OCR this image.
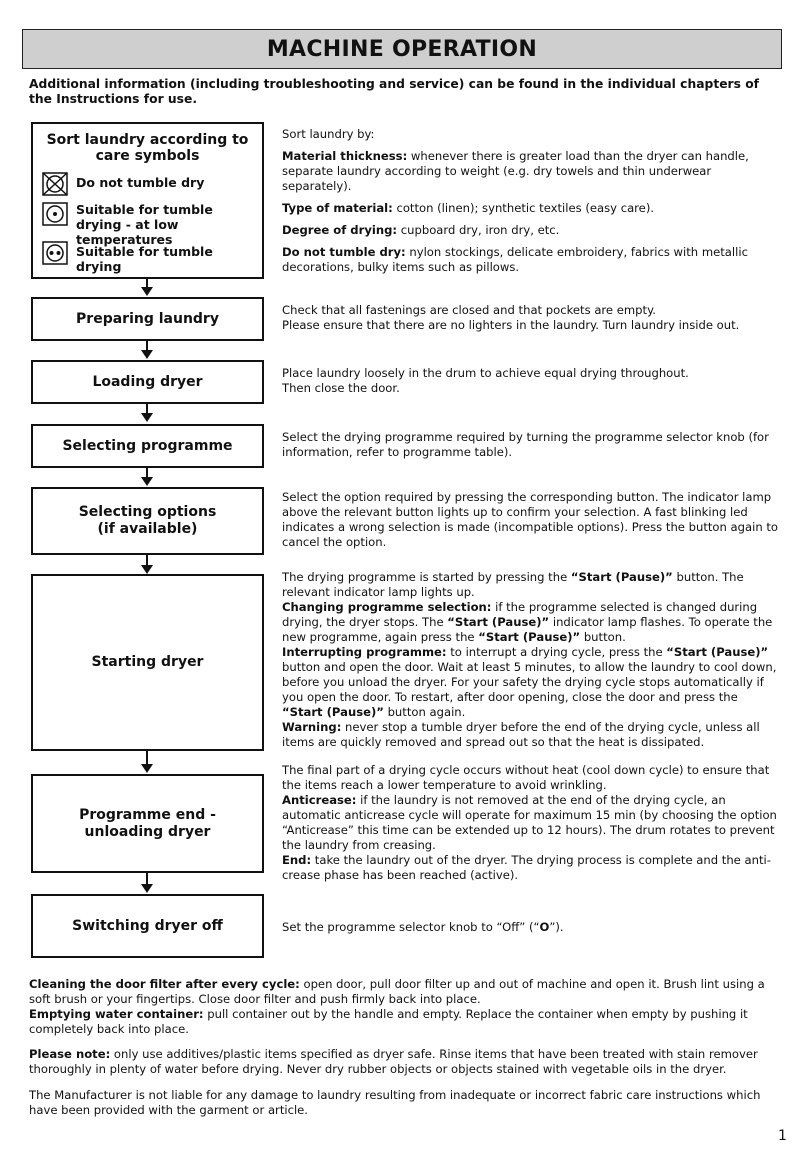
MACHINE OPERATION
Additional information (including troubleshooting and service) can be found in the individual chapters of the Instructions for use.
Sort laundry according to care symbols
Do not tumble dry
Suitable for tumble drying - at low temperatures
Suitable for tumble drying
Preparing laundry
Loading dryer
Selecting programme
Selecting options
(if available)
Starting dryer
Programme end -
unloading dryer
Switching dryer off

Sort laundry by:

Material thickness: whenever there is greater load than the dryer can handle, separate laundry according to weight (e.g. dry towels and thin underwear separately).

Type of material: cotton (linen); synthetic textiles (easy care).

Degree of drying: cupboard dry, iron dry, etc.

Do not tumble dry: nylon stockings, delicate embroidery, fabrics with metallic decorations, bulky items such as pillows.

Check that all fastenings are closed and that pockets are empty.

Please ensure that there are no lighters in the laundry. Turn laundry inside out.

Place laundry loosely in the drum to achieve equal drying throughout.

Then close the door.

Select the drying programme required by turning the programme selector knob (for information, refer to programme table).

Select the option required by pressing the corresponding button. The indicator lamp above the relevant button lights up to confirm your selection. A fast blinking led indicates a wrong selection is made (incompatible options). Press the button again to cancel the option.

The drying programme is started by pressing the “Start (Pause)” button. The relevant indicator lamp lights up.

Changing programme selection: if the programme selected is changed during drying, the dryer stops. The “Start (Pause)” indicator lamp flashes. To operate the new programme, again press the “Start (Pause)” button.

Interrupting programme: to interrupt a drying cycle, press the “Start (Pause)” button and open the door. Wait at least 5 minutes, to allow the laundry to cool down, before you unload the dryer. For your safety the drying cycle stops automatically if you open the door. To restart, after door opening, close the door and press the “Start (Pause)” button again.

Warning: never stop a tumble dryer before the end of the drying cycle, unless all items are quickly removed and spread out so that the heat is dissipated.

The final part of a drying cycle occurs without heat (cool down cycle) to ensure that the items reach a lower temperature to avoid wrinkling.

Anticrease: if the laundry is not removed at the end of the drying cycle, an automatic anticrease cycle will operate for maximum 15 min (by choosing the option “Anticrease” this time can be extended up to 12 hours). The drum rotates to prevent the laundry from creasing.

End: take the laundry out of the dryer. The drying process is complete and the anti-crease phase has been reached (active).

Set the programme selector knob to “Off” (“O”).

Cleaning the door filter after every cycle: open door, pull door filter up and out of machine and open it. Brush lint using a soft brush or your fingertips. Close door filter and push firmly back into place.

Emptying water container: pull container out by the handle and empty. Replace the container when empty by pushing it completely back into place.

Please note: only use additives/plastic items specified as dryer safe. Rinse items that have been treated with stain remover thoroughly in plenty of water before drying. Never dry rubber objects or objects stained with vegetable oils in the dryer.

The Manufacturer is not liable for any damage to laundry resulting from inadequate or incorrect fabric care instructions which have been provided with the garment or article.

1
